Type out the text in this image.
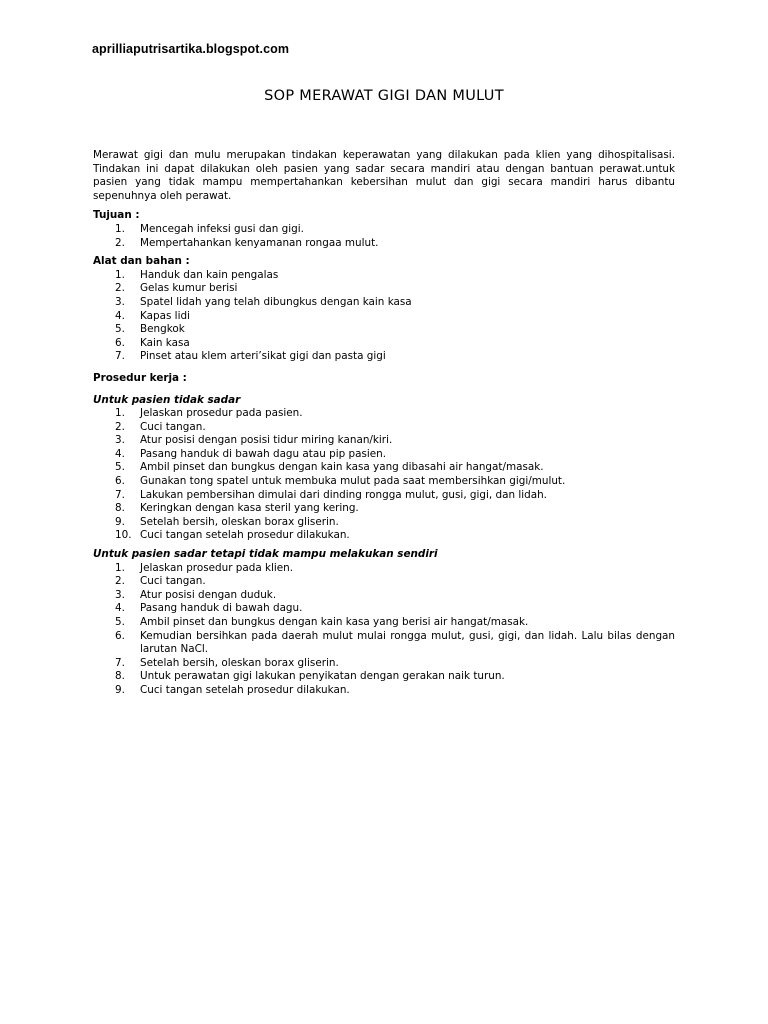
aprilliaputrisartika.blogspot.com
SOP MERAWAT GIGI DAN MULUT

Merawat gigi dan mulu merupakan tindakan keperawatan yang dilakukan pada klien yang dihospitalisasi. Tindakan ini dapat dilakukan oleh pasien yang sadar secara mandiri atau dengan bantuan perawat.untuk pasien yang tidak mampu mempertahankan kebersihan mulut dan gigi secara mandiri harus dibantu sepenuhnya oleh perawat.

Tujuan :

1. Mencegah infeksi gusi dan gigi.
2. Mempertahankan kenyamanan rongaa mulut.

Alat dan bahan :

1. Handuk dan kain pengalas
2. Gelas kumur berisi
3. Spatel lidah yang telah dibungkus dengan kain kasa
4. Kapas lidi
5. Bengkok
6. Kain kasa
7. Pinset atau klem arteri’sikat gigi dan pasta gigi

Prosedur kerja :

Untuk pasien tidak sadar

1. Jelaskan prosedur pada pasien.
2. Cuci tangan.
3. Atur posisi dengan posisi tidur miring kanan/kiri.
4. Pasang handuk di bawah dagu atau pip pasien.
5. Ambil pinset dan bungkus dengan kain kasa yang dibasahi air hangat/masak.
6. Gunakan tong spatel untuk membuka mulut pada saat membersihkan gigi/mulut.
7. Lakukan pembersihan dimulai dari dinding rongga mulut, gusi, gigi, dan lidah.
8. Keringkan dengan kasa steril yang kering.
9. Setelah bersih, oleskan borax gliserin.
10. Cuci tangan setelah prosedur dilakukan.

Untuk pasien sadar tetapi tidak mampu melakukan sendiri

1. Jelaskan prosedur pada klien.
2. Cuci tangan.
3. Atur posisi dengan duduk.
4. Pasang handuk di bawah dagu.
5. Ambil pinset dan bungkus dengan kain kasa yang berisi air hangat/masak.
6. Kemudian bersihkan pada daerah mulut mulai rongga mulut, gusi, gigi, dan lidah. Lalu bilas dengan larutan NaCl.
7. Setelah bersih, oleskan borax gliserin.
8. Untuk perawatan gigi lakukan penyikatan dengan gerakan naik turun.
9. Cuci tangan setelah prosedur dilakukan.
